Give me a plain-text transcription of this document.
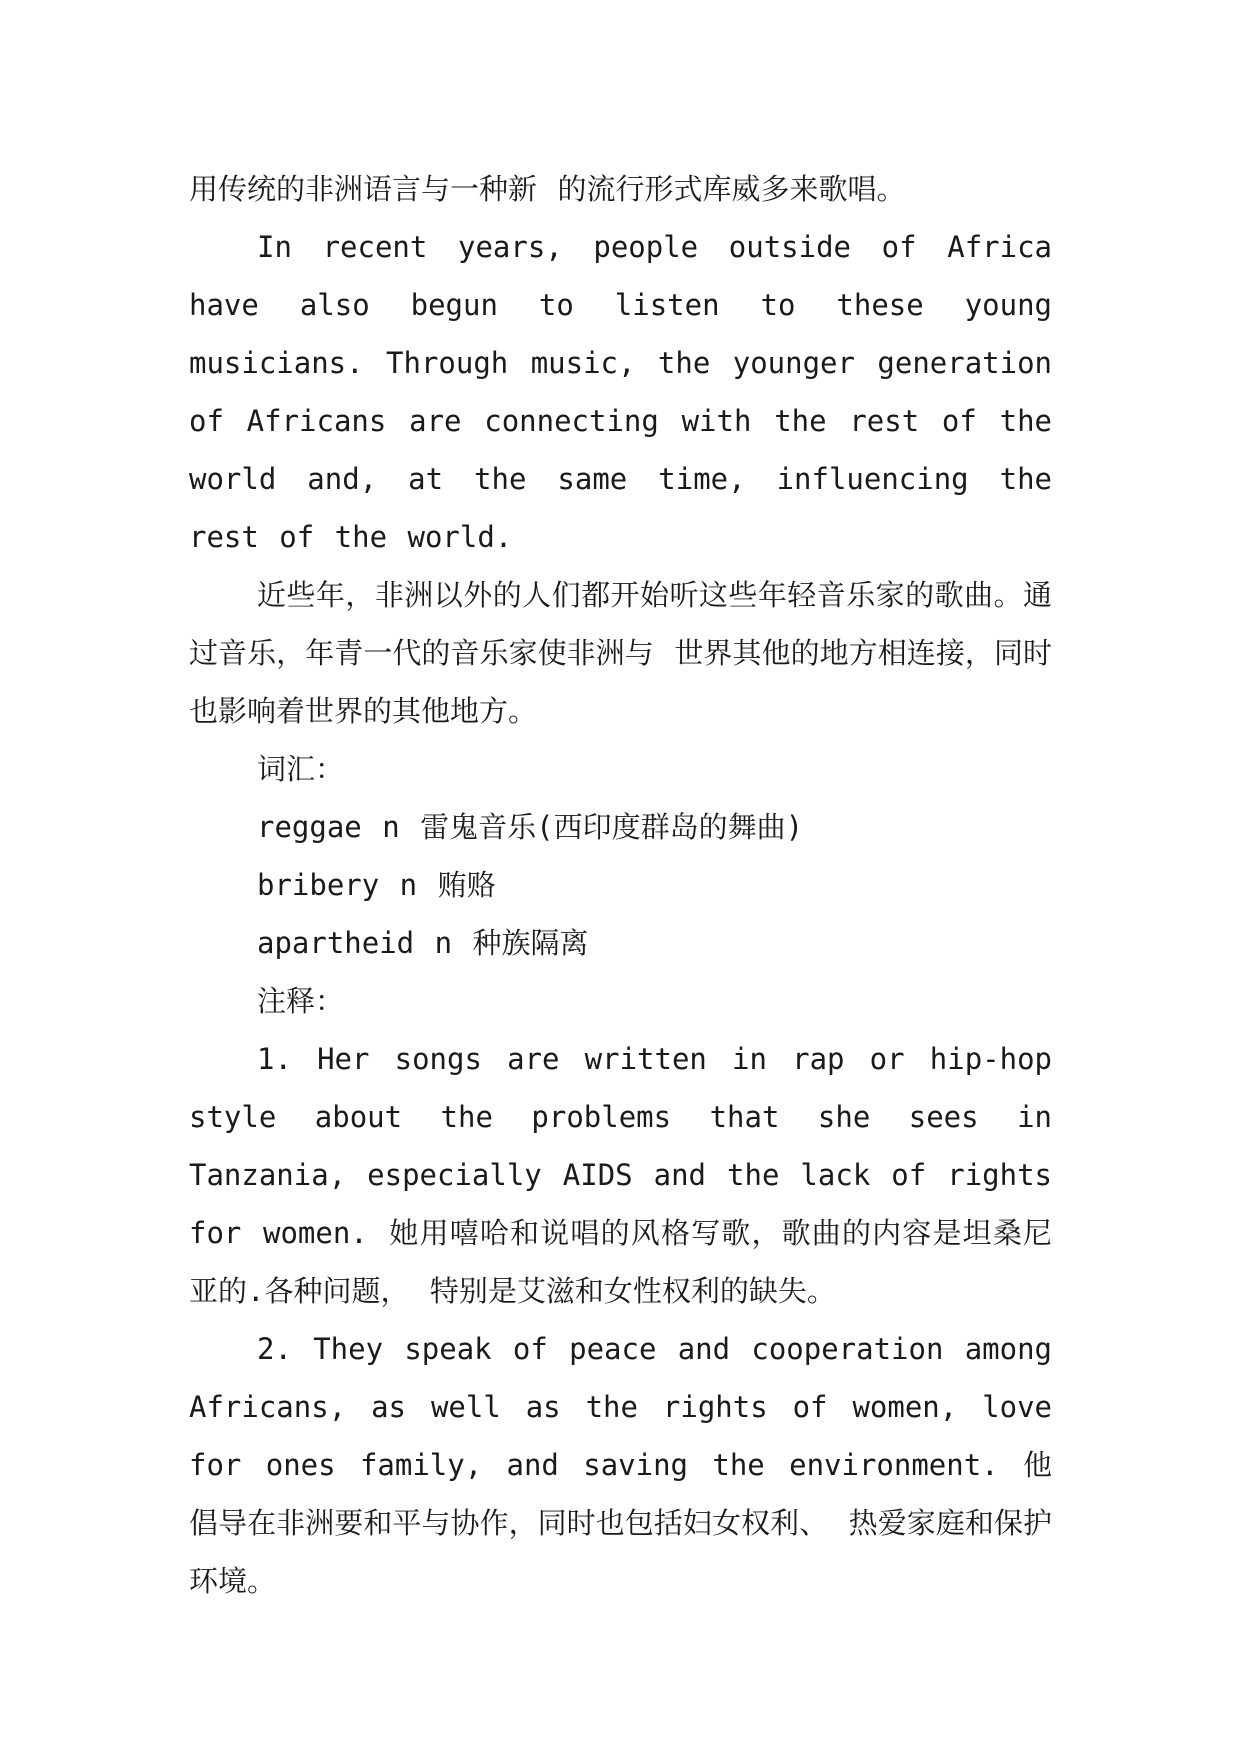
用传统的非洲语言与一种新 的流行形式库威多来歌唱。

In recent years, people outside of Africa have also begun to listen to these young musicians. Through music, the younger generation of Africans are connecting with the rest of the world and, at the same time, influencing the rest of the world.

近些年，非洲以外的人们都开始听这些年轻音乐家的歌曲。通过音乐，年青一代的音乐家使非洲与 世界其他的地方相连接，同时也影响着世界的其他地方。

词汇：

reggae n 雷鬼音乐(西印度群岛的舞曲)

bribery n 贿赂

apartheid n 种族隔离

注释：

1. Her songs are written in rap or hip-hop style about the problems that she sees in Tanzania, especially AIDS and the lack of rights for women. 她用嘻哈和说唱的风格写歌，歌曲的内容是坦桑尼亚的.各种问题， 特别是艾滋和女性权利的缺失。

2. They speak of peace and cooperation among Africans, as well as the rights of women, love for ones family, and saving the environment. 他倡导在非洲要和平与协作，同时也包括妇女权利、 热爱家庭和保护环境。
